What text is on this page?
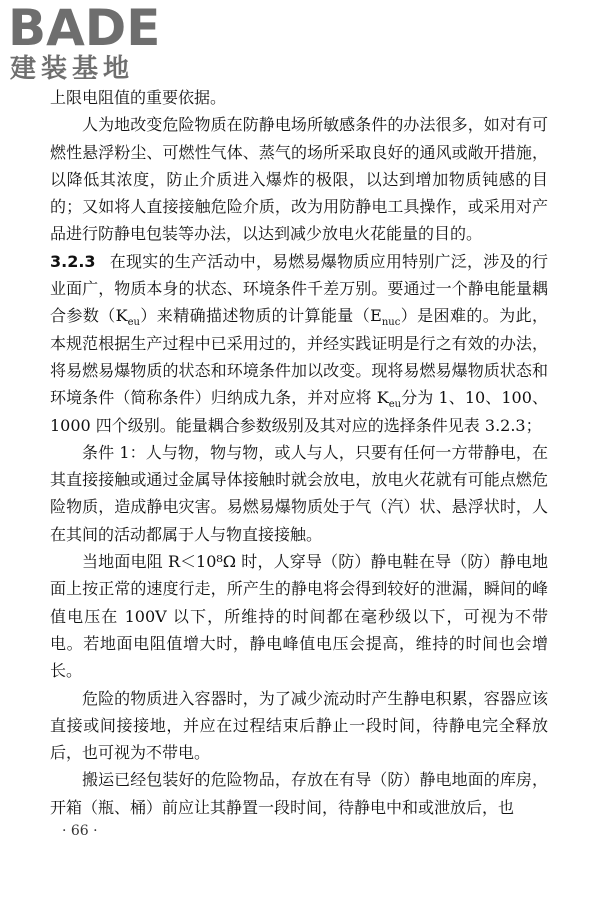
BADE
建装基地

上限电阻值的重要依据。

人为地改变危险物质在防静电场所敏感条件的办法很多，如对有可燃性悬浮粉尘、可燃性气体、蒸气的场所采取良好的通风或敞开措施，以降低其浓度，防止介质进入爆炸的极限，以达到增加物质钝感的目的；又如将人直接接触危险介质，改为用防静电工具操作，或采用对产品进行防静电包装等办法，以达到减少放电火花能量的目的。

3.2.3 在现实的生产活动中，易燃易爆物质应用特别广泛，涉及的行业面广，物质本身的状态、环境条件千差万别。要通过一个静电能量耦合参数$(K_{eu})$来精确描述物质的计算能量$(E_{nuc})$是困难的。为此，本规范根据生产过程中已采用过的，并经实践证明是行之有效的办法，将易燃易爆物质的状态和环境条件加以改变。现将易燃易爆物质状态和环境条件（简称条件）归纳成九条，并对应将 $K_{eu}$分为 1、10、100、1000 四个级别。能量耦合参数级别及其对应的选择条件见表 3.2.3；

条件 1：人与物，物与物，或人与人，只要有任何一方带静电，在其直接接触或通过金属导体接触时就会放电，放电火花就有可能点燃危险物质，造成静电灾害。易燃易爆物质处于气（汽）状、悬浮状时，人在其间的活动都属于人与物直接接触。

当地面电阻 R＜10⁸Ω 时，人穿导（防）静电鞋在导（防）静电地面上按正常的速度行走，所产生的静电将会得到较好的泄漏，瞬间的峰值电压在 100V 以下，所维持的时间都在毫秒级以下，可视为不带电。若地面电阻值增大时，静电峰值电压会提高，维持的时间也会增长。

危险的物质进入容器时，为了减少流动时产生静电积累，容器应该直接或间接接地，并应在过程结束后静止一段时间，待静电完全释放后，也可视为不带电。

搬运已经包装好的危险物品，存放在有导（防）静电地面的库房，开箱（瓶、桶）前应让其静置一段时间，待静电中和或泄放后，也

· 66 ·
